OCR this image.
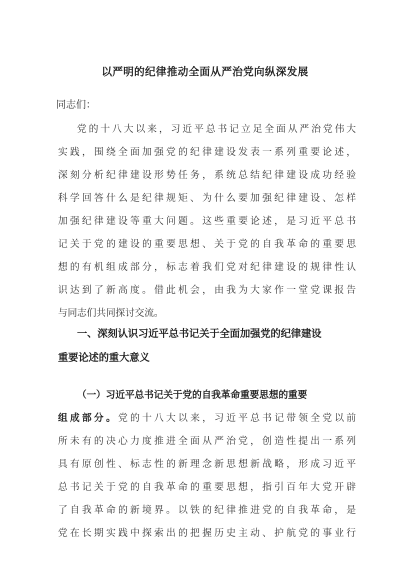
以严明的纪律推动全面从严治党向纵深发展
同志们：
党的十八大以来，习近平总书记立足全面从严治党伟大
实践，围绕全面加强党的纪律建设发表一系列重要论述，
深刻分析纪律建设形势任务，系统总结纪律建设成功经验
科学回答什么是纪律规矩、为什么要加强纪律建设、怎样
加强纪律建设等重大问题。这些重要论述，是习近平总书
记关于党的建设的重要思想、关于党的自我革命的重要思
想的有机组成部分，标志着我们党对纪律建设的规律性认
识达到了新高度。借此机会，由我为大家作一堂党课报告
与同志们共同探讨交流。
一、深刻认识习近平总书记关于全面加强党的纪律建设
重要论述的重大意义
（一）习近平总书记关于党的自我革命重要思想的重要
组成部分。党的十八大以来，习近平总书记带领全党以前
所未有的决心力度推进全面从严治党，创造性提出一系列
具有原创性、标志性的新理念新思想新战略，形成习近平
总书记关于党的自我革命的重要思想，指引百年大党开辟
了自我革命的新境界。以铁的纪律推进党的自我革命，是
党在长期实践中探索出的把握历史主动、护航党的事业行
